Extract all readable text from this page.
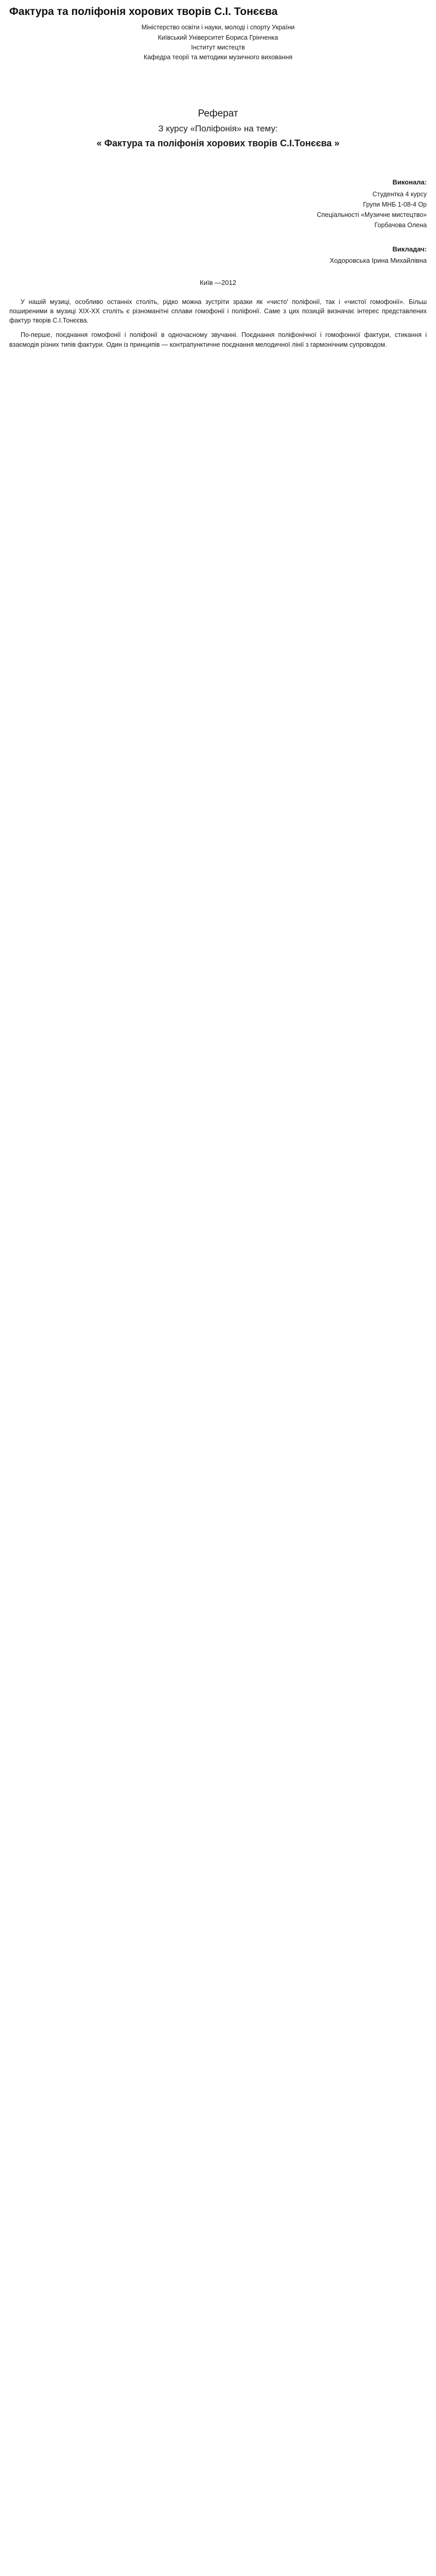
Фактура та поліфонія хорових творів С.І. Тонєєва
Міністерство освіти і науки, молоді і спорту України
Київський Університет Бориса Грінченка
Інститут мистецтв
Кафедра теорії та методики музичного виховання
Реферат
З курсу «Поліфонія» на тему:
« Фактура та поліфонія хорових творів С.І.Тонєєва »
Виконала:
Студентка 4 курсу
Групи МНБ 1-08-4 Ор
Спеціальності «Музичне мистецтво»
Горбачова Олена
Викладач:
Ходоровська Ірина Михайлівна
Київ —2012

У нашій музиці, особливо останніх століть, рідко можна зустріти зразки як «чисто' поліфонії, так і «чистої гомофонії». Більш поширеними в музиці XIX-XX століть є різноманітні сплави гомофонії і поліфонії. Саме з цих позицій визначає інтерес представлених фактур творів С.І.Тонєєва.

По-перше, поєднання гомофонії і поліфонії в одночасному звучанні. Поєднання поліфонічної і гомофонної фактури, стикання і взаємодія різних типів фактури. Один із принципів — контрапунктичне поєднання мелодичної лінії з гармонічним супроводом.
